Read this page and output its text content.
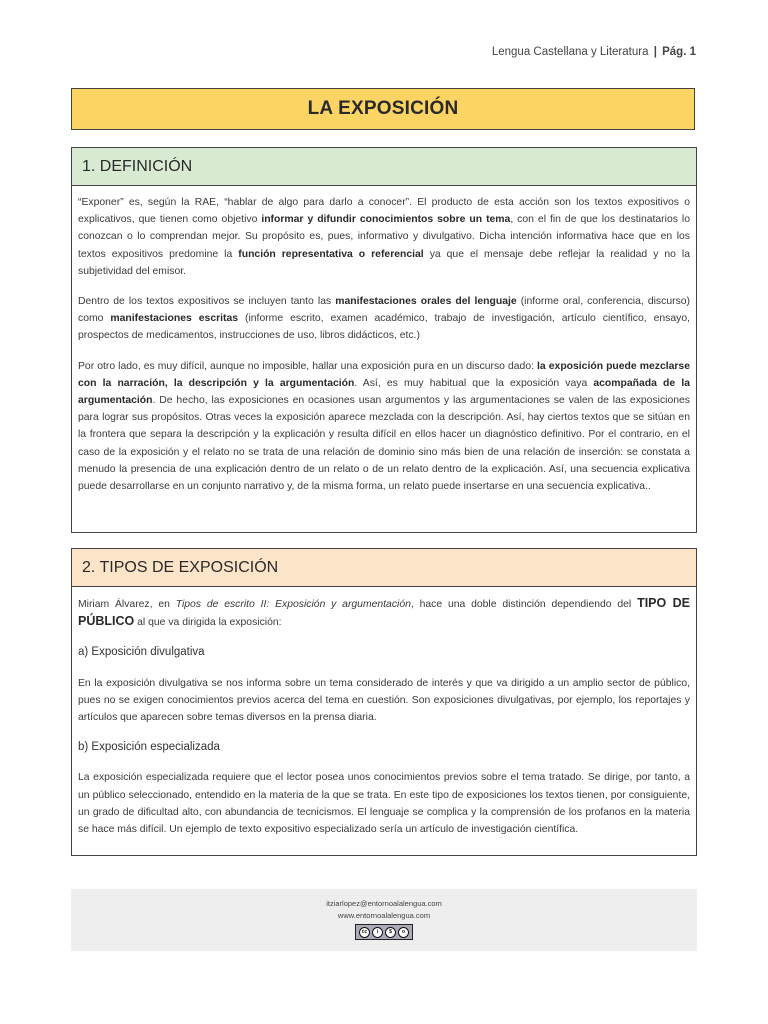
Lengua Castellana y Literatura | Pág. 1
LA EXPOSICIÓN
1. DEFINICIÓN

“Exponer” es, según la RAE, “hablar de algo para darlo a conocer”. El producto de esta acción son los textos expositivos o explicativos, que tienen como objetivo informar y difundir conocimientos sobre un tema, con el fin de que los destinatarios lo conozcan o lo comprendan mejor. Su propósito es, pues, informativo y divulgativo. Dicha intención informativa hace que en los textos expositivos predomine la función representativa o referencial ya que el mensaje debe reflejar la realidad y no la subjetividad del emisor.

Dentro de los textos expositivos se incluyen tanto las manifestaciones orales del lenguaje (informe oral, conferencia, discurso) como manifestaciones escritas (informe escrito, examen académico, trabajo de investigación, artículo científico, ensayo, prospectos de medicamentos, instrucciones de uso, libros didácticos, etc.)

Por otro lado, es muy difícil, aunque no imposible, hallar una exposición pura en un discurso dado: la exposición puede mezclarse con la narración, la descripción y la argumentación. Así, es muy habitual que la exposición vaya acompañada de la argumentación. De hecho, las exposiciones en ocasiones usan argumentos y las argumentaciones se valen de las exposiciones para lograr sus propósitos. Otras veces la exposición aparece mezclada con la descripción. Así, hay ciertos textos que se sitúan en la frontera que separa la descripción y la explicación y resulta difícil en ellos hacer un diagnóstico definitivo. Por el contrario, en el caso de la exposición y el relato no se trata de una relación de dominio sino más bien de una relación de inserción: se constata a menudo la presencia de una explicación dentro de un relato o de un relato dentro de la explicación. Así, una secuencia explicativa puede desarrollarse en un conjunto narrativo y, de la misma forma, un relato puede insertarse en una secuencia explicativa..

2. TIPOS DE EXPOSICIÓN

Miriam Álvarez, en Tipos de escrito II: Exposición y argumentación, hace una doble distinción dependiendo del TIPO DE PÚBLICO al que va dirigida la exposición:

a) Exposición divulgativa

En la exposición divulgativa se nos informa sobre un tema considerado de interés y que va dirigido a un amplio sector de público, pues no se exigen conocimientos previos acerca del tema en cuestión. Son exposiciones divulgativas, por ejemplo, los reportajes y artículos que aparecen sobre temas diversos en la prensa diaria.

b) Exposición especializada

La exposición especializada requiere que el lector posea unos conocimientos previos sobre el tema tratado. Se dirige, por tanto, a un público seleccionado, entendido en la materia de la que se trata. En este tipo de exposiciones los textos tienen, por consiguiente, un grado de dificultad alto, con abundancia de tecnicismos. El lenguaje se complica y la comprensión de los profanos en la materia se hace más difícil. Un ejemplo de texto expositivo especializado sería un artículo de investigación científica.

itziarlopez@entornoalalengua.com
www.entornoalalengua.com
cc	i	$	o
